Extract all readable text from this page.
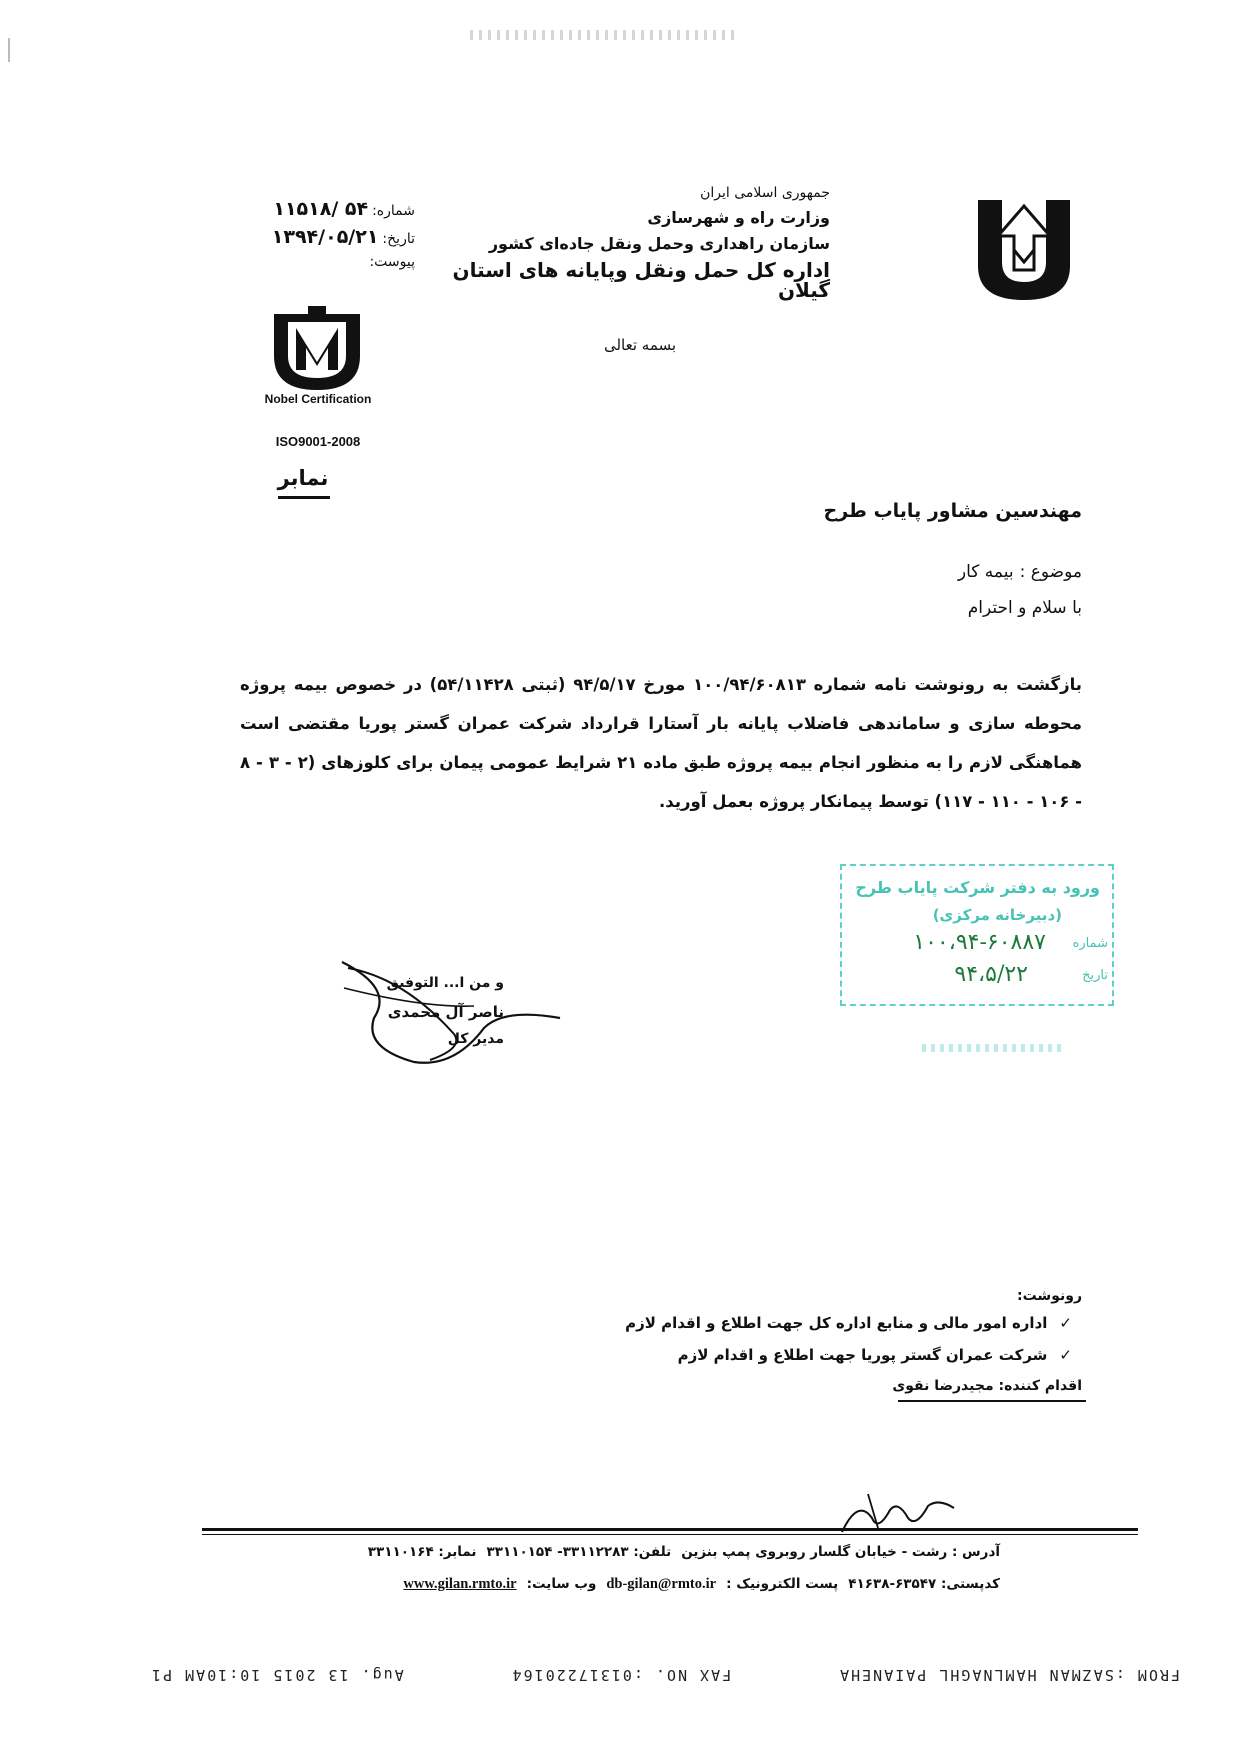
جمهوری اسلامی ایران
وزارت راه و شهرسازی
سازمان راهداری وحمل ونقل جاده‌ای کشور
اداره کل حمل ونقل وپایانه های استان گیلان
شماره:
۵۴ /۱۱۵۱۸
تاریخ:
۱۳۹۴/۰۵/۲۱
پیوست:
Nobel Certification
ISO9001-2008
نمابر
بسمه تعالی
مهندسین مشاور پایاب طرح
موضوع :
بیمه کار
با سلام و احترام
بازگشت به رونوشت نامه شماره ۱۰۰/۹۴/۶۰۸۱۳ مورخ ۹۴/۵/۱۷ (ثبتی ۵۴/۱۱۴۲۸) در خصوص بیمه پروژه محوطه سازی و ساماندهی فاضلاب پایانه بار آستارا قرارداد شرکت عمران گستر پوریا مقتضی است هماهنگی لازم را به منظور انجام بیمه پروژه طبق ماده ۲۱ شرایط عمومی پیمان برای کلوزهای (۲ - ۳ - ۸ - ۱۰۶ - ۱۱۰ - ۱۱۷) توسط پیمانکار پروژه بعمل آورید.
ورود به دفتر شرکت پایاب طرح
(دبیرخانه مرکزی)
شماره
تاریخ
۱۰۰،۹۴-۶۰۸۸۷
۹۴،۵/۲۲
و من ا... التوفیق
ناصر آل محمدی
مدیر کل
رونوشت:
✓
اداره امور مالی و منابع اداره کل جهت اطلاع و اقدام لازم
✓
شرکت عمران گستر پوریا جهت اطلاع و اقدام لازم
اقدام کننده: مجیدرضا نقوی
آدرس : رشت - خیابان گلسار روبروی پمپ بنزین
تلفن: ۳۳۱۱۲۲۸۳- ۳۳۱۱۰۱۵۴
نمابر: ۳۳۱۱۰۱۶۴
کدپستی: ۶۳۵۴۷-۴۱۶۳۸
پست الکترونیک :
db-gilan@rmto.ir
وب سایت:
www.gilan.rmto.ir
FROM :SAZMAN HAMLNAGHL PAIANEHA
FAX NO. :01317220164
Aug. 13 2015 10:10AM P1
